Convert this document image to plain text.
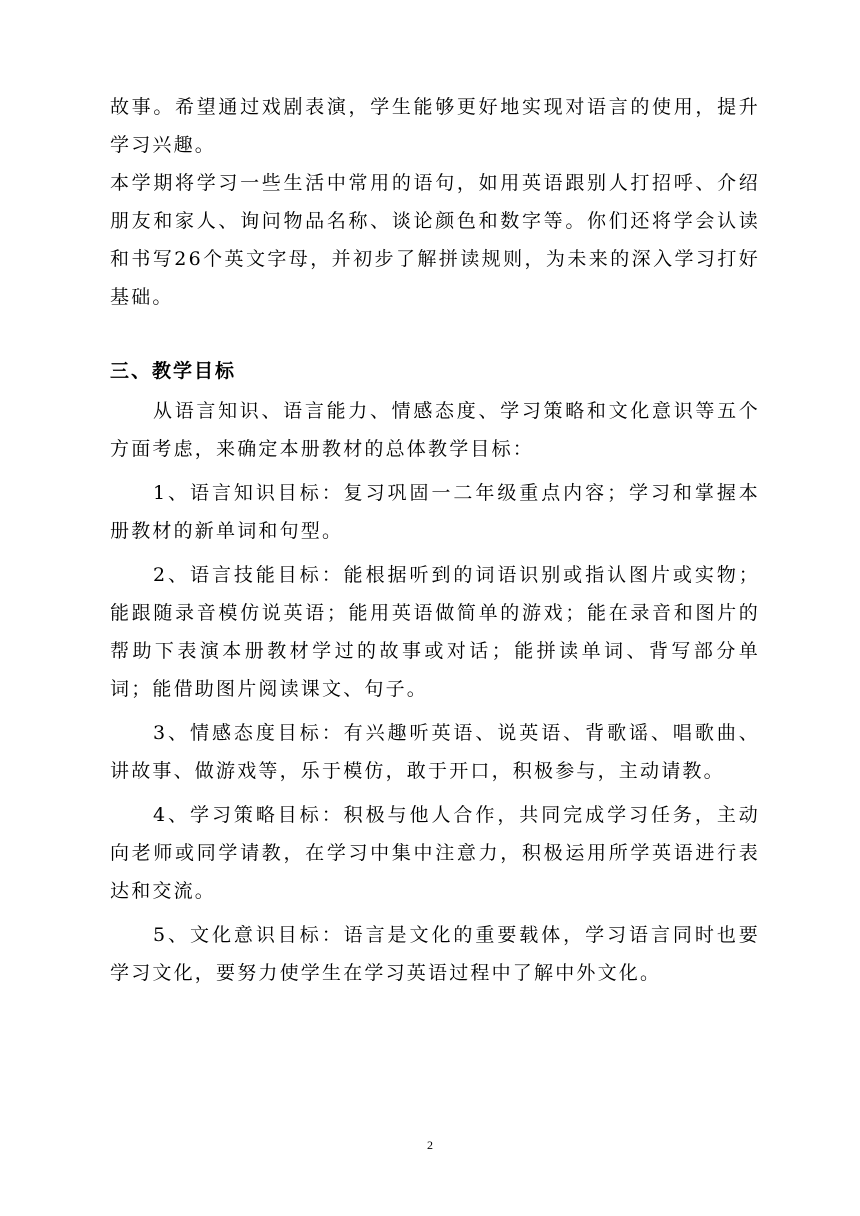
故事。希望通过戏剧表演，学生能够更好地实现对语言的使用，提升学习兴趣。

本学期将学习一些生活中常用的语句，如用英语跟别人打招呼、介绍朋友和家人、询问物品名称、谈论颜色和数字等。你们还将学会认读和书写26个英文字母，并初步了解拼读规则，为未来的深入学习打好基础。

三、教学目标

从语言知识、语言能力、情感态度、学习策略和文化意识等五个方面考虑，来确定本册教材的总体教学目标：

1、语言知识目标：复习巩固一二年级重点内容；学习和掌握本册教材的新单词和句型。

2、语言技能目标：能根据听到的词语识别或指认图片或实物；能跟随录音模仿说英语；能用英语做简单的游戏；能在录音和图片的帮助下表演本册教材学过的故事或对话；能拼读单词、背写部分单词；能借助图片阅读课文、句子。

3、情感态度目标：有兴趣听英语、说英语、背歌谣、唱歌曲、讲故事、做游戏等，乐于模仿，敢于开口，积极参与，主动请教。

4、学习策略目标：积极与他人合作，共同完成学习任务，主动向老师或同学请教，在学习中集中注意力，积极运用所学英语进行表达和交流。

5、文化意识目标：语言是文化的重要载体，学习语言同时也要学习文化，要努力使学生在学习英语过程中了解中外文化。

2
